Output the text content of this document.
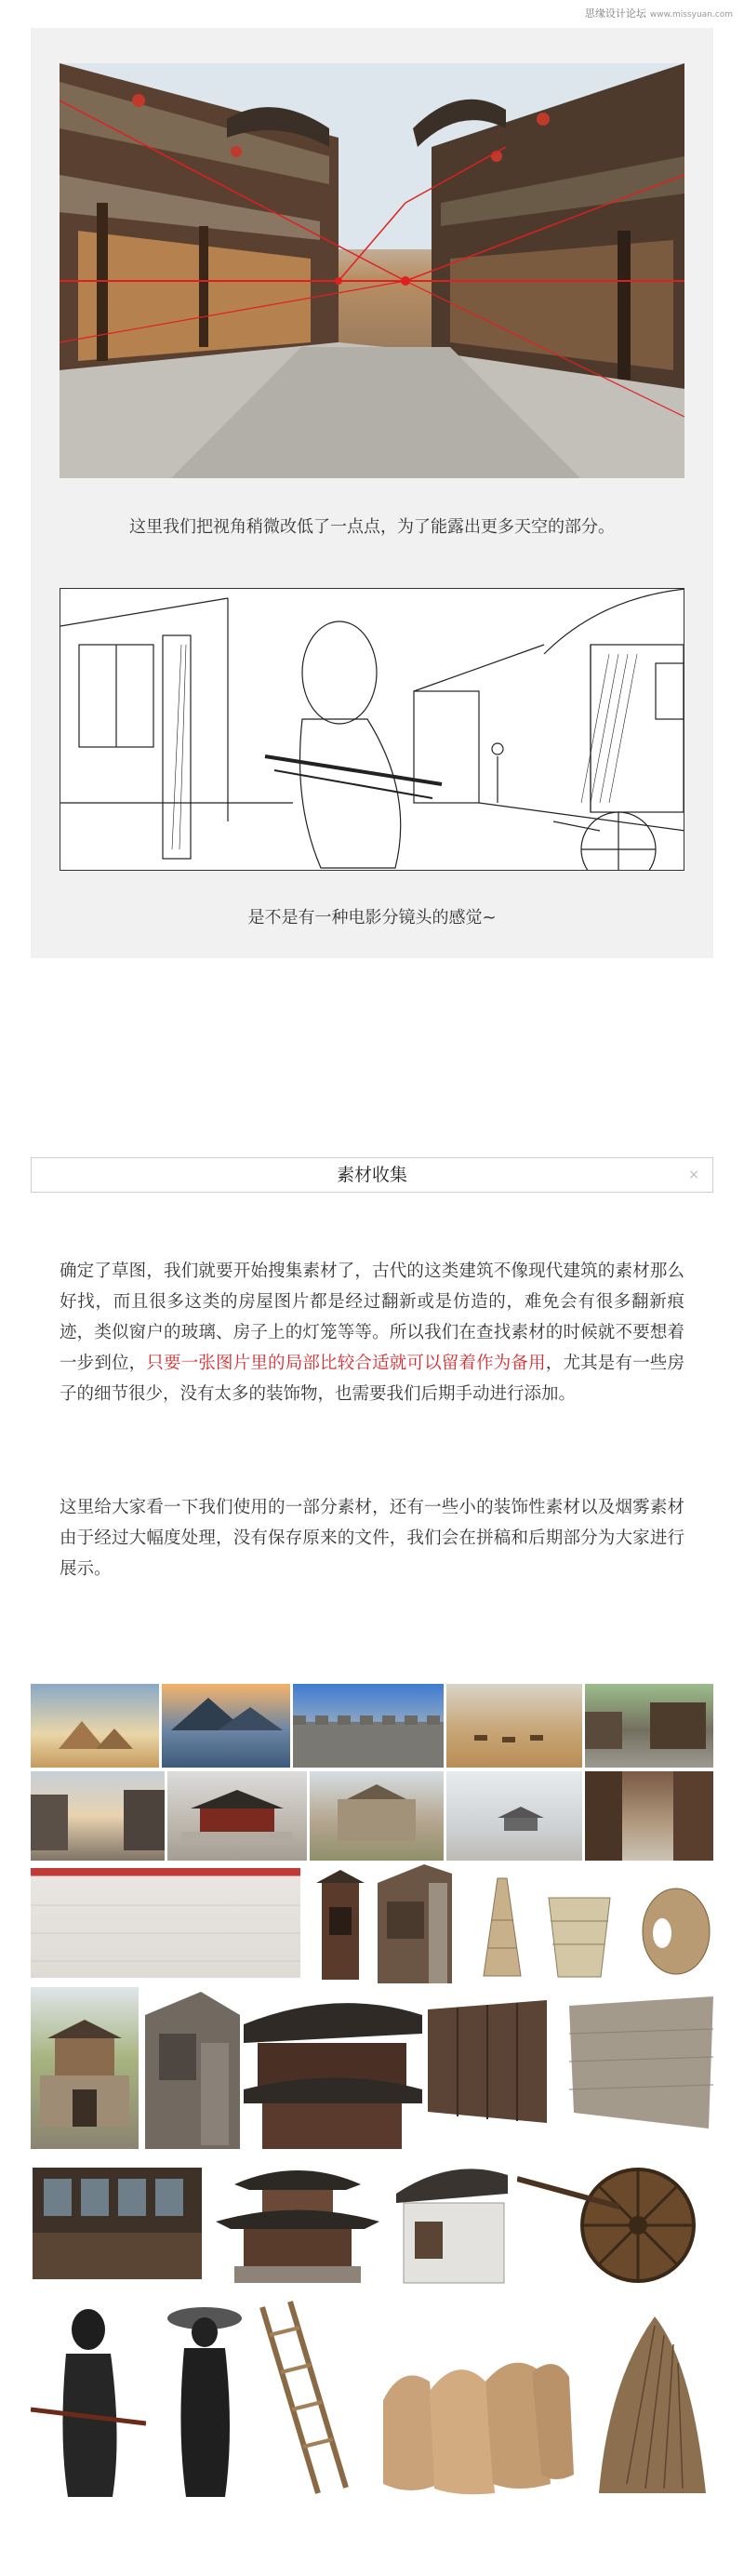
思缘设计论坛 www.missyuan.com
这里我们把视角稍微改低了一点点，为了能露出更多天空的部分。
是不是有一种电影分镜头的感觉~
素材收集	×
确定了草图，我们就要开始搜集素材了，古代的这类建筑不像现代建筑的素材那么好找，而且很多这类的房屋图片都是经过翻新或是仿造的，难免会有很多翻新痕迹，类似窗户的玻璃、房子上的灯笼等等。所以我们在查找素材的时候就不要想着一步到位，只要一张图片里的局部比较合适就可以留着作为备用，尤其是有一些房子的细节很少，没有太多的装饰物，也需要我们后期手动进行添加。
这里给大家看一下我们使用的一部分素材，还有一些小的装饰性素材以及烟雾素材由于经过大幅度处理，没有保存原来的文件，我们会在拼稿和后期部分为大家进行展示。
